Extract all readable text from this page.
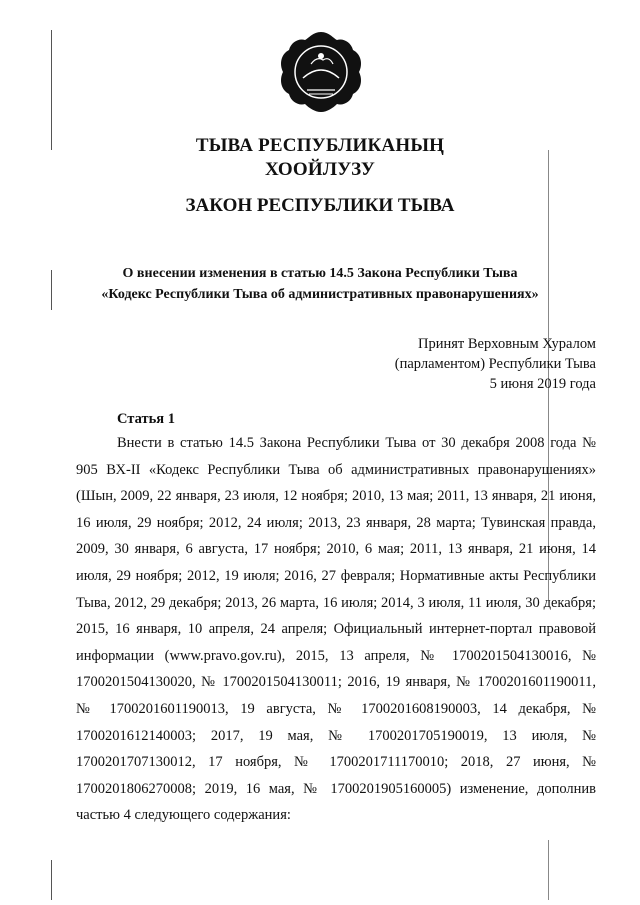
ТЫВА РЕСПУБЛИКАНЫҢ
ХООЙЛУЗУ
ЗАКОН РЕСПУБЛИКИ ТЫВА
О внесении изменения в статью 14.5 Закона Республики Тыва
«Кодекс Республики Тыва об административных правонарушениях»
Принят Верховным Хуралом
(парламентом) Республики Тыва
5 июня 2019 года
Статья 1
Внести в статью 14.5 Закона Республики Тыва от 30 декабря 2008 года № 905 ВХ-II «Кодекс Республики Тыва об административных правонарушениях» (Шын, 2009, 22 января, 23 июля, 12 ноября; 2010, 13 мая; 2011, 13 января, 21 июня, 16 июля, 29 ноября; 2012, 24 июля; 2013, 23 января, 28 марта; Тувинская правда, 2009, 30 января, 6 августа, 17 ноября; 2010, 6 мая; 2011, 13 января, 21 июня, 14 июля, 29 ноября; 2012, 19 июля; 2016, 27 февраля; Нормативные акты Республики Тыва, 2012, 29 декабря; 2013, 26 марта, 16 июля; 2014, 3 июля, 11 июля, 30 декабря; 2015, 16 января, 10 апреля, 24 апреля; Официальный интернет-портал правовой информации (www.pravo.gov.ru), 2015, 13 апреля, № 1700201504130016, № 1700201504130020, № 1700201504130011; 2016, 19 января, № 1700201601190011, № 1700201601190013, 19 августа, № 1700201608190003, 14 декабря, № 1700201612140003; 2017, 19 мая, № 1700201705190019, 13 июля, № 1700201707130012, 17 ноября, № 1700201711170010; 2018, 27 июня, № 1700201806270008; 2019, 16 мая, № 1700201905160005) изменение, дополнив частью 4 следующего содержания:
